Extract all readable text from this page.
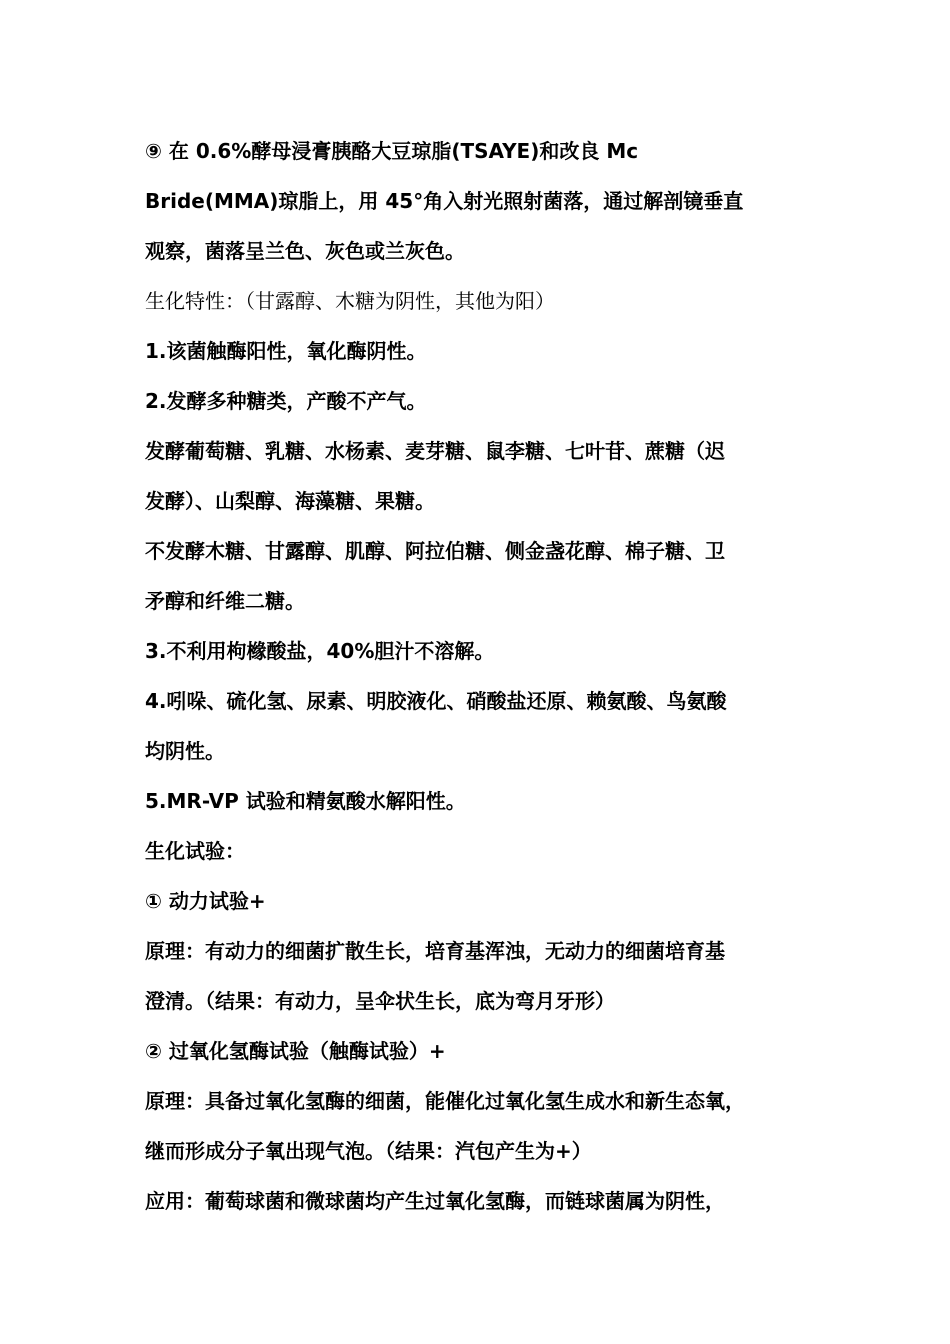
⑨ 在 0.6%酵母浸膏胰酪大豆琼脂(TSAYE)和改良 Mc
Bride(MMA)琼脂上，用 45°角入射光照射菌落，通过解剖镜垂直
观察，菌落呈兰色、灰色或兰灰色。
生化特性：（甘露醇、木糖为阴性，其他为阳）
1.该菌触酶阳性，氧化酶阴性。
2.发酵多种糖类，产酸不产气。
发酵葡萄糖、乳糖、水杨素、麦芽糖、鼠李糖、七叶苷、蔗糖（迟
发酵）、山梨醇、海藻糖、果糖。
不发酵木糖、甘露醇、肌醇、阿拉伯糖、侧金盏花醇、棉子糖、卫
矛醇和纤维二糖。
3.不利用枸橼酸盐，40%胆汁不溶解。
4.吲哚、硫化氢、尿素、明胶液化、硝酸盐还原、赖氨酸、鸟氨酸
均阴性。
5.MR-VP 试验和精氨酸水解阳性。
生化试验：
① 动力试验+
原理：有动力的细菌扩散生长，培育基浑浊，无动力的细菌培育基
澄清。（结果：有动力，呈伞状生长，底为弯月牙形）
② 过氧化氢酶试验（触酶试验）+
原理：具备过氧化氢酶的细菌，能催化过氧化氢生成水和新生态氧，
继而形成分子氧出现气泡。（结果：汽包产生为+）
应用：葡萄球菌和微球菌均产生过氧化氢酶，而链球菌属为阴性，
